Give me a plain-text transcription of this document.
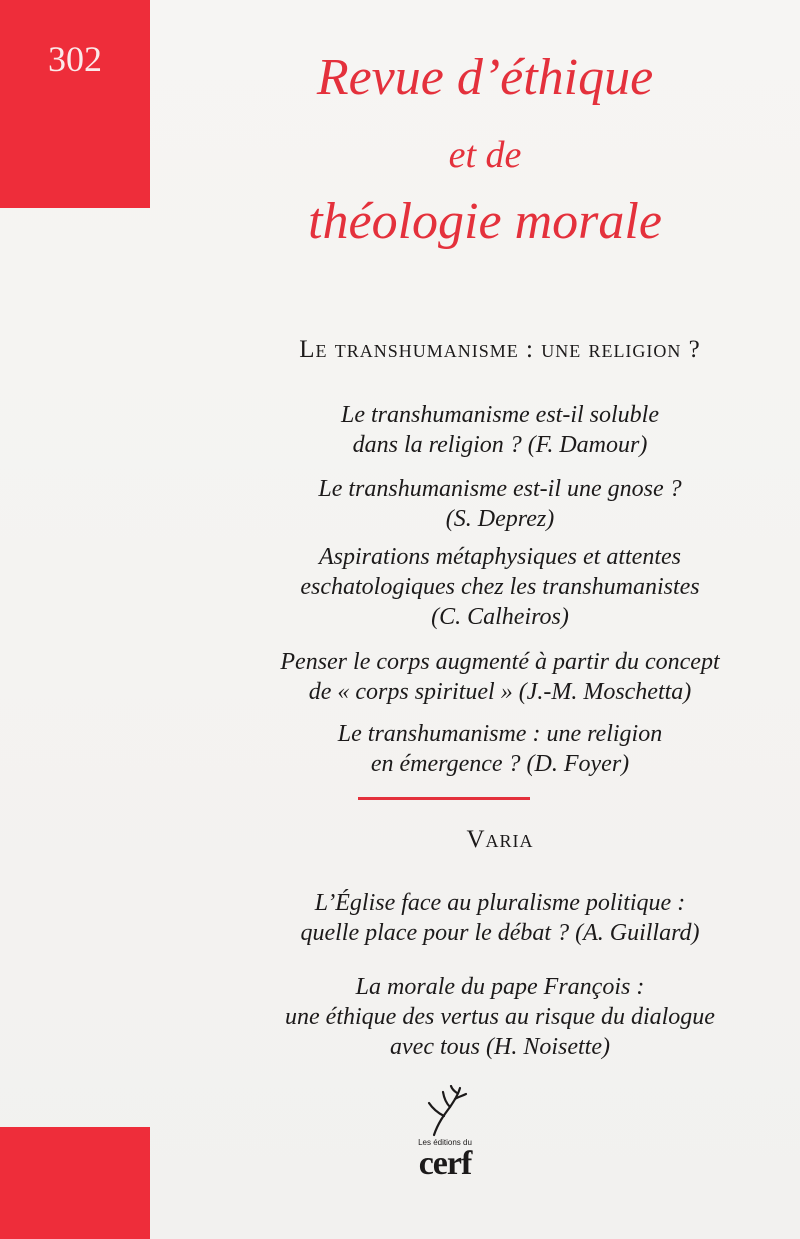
302	Revue d’éthique
et de
théologie morale
Le transhumanisme : une religion ?
Le transhumanisme est-il soluble
dans la religion ? (F. Damour)
Le transhumanisme est-il une gnose ?
(S. Deprez)
Aspirations métaphysiques et attentes
eschatologiques chez les transhumanistes
(C. Calheiros)
Penser le corps augmenté à partir du concept
de « corps spirituel » (J.-M. Moschetta)
Le transhumanisme : une religion
en émergence ? (D. Foyer)
Varia
L’Église face au pluralisme politique :
quelle place pour le débat ? (A. Guillard)
La morale du pape François :
une éthique des vertus au risque du dialogue
avec tous (H. Noisette)
Les éditions du
cerf
